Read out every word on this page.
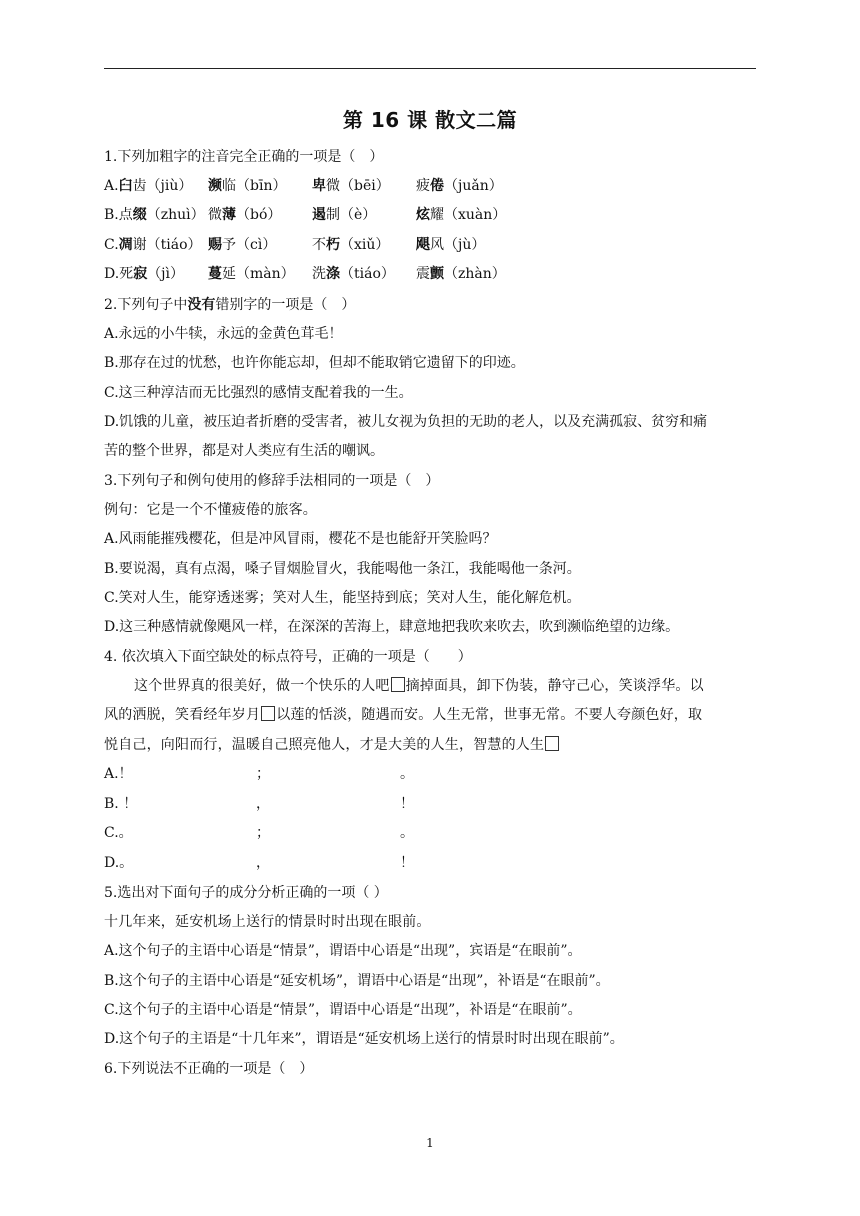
第 16 课 散文二篇
1.下列加粗字的注音完全正确的一项是（　）
A.臼齿（jiù） 濒临（bīn） 卑微（bēi） 疲倦（juǎn）
B.点缀（zhuì） 微薄（bó） 遏制（è）	炫耀（xuàn）
C.凋谢（tiáo） 赐予（cì）	不朽（xiǔ） 飓风（jù）
D.死寂（jì） 蔓延（màn） 洗涤（tiáo） 震颤（zhàn）
2.下列句子中没有错别字的一项是（　）
A.永远的小牛犊，永远的金黄色茸毛！
B.那存在过的忧愁，也许你能忘却，但却不能取销它遗留下的印迹。
C.这三种淳洁而无比强烈的感情支配着我的一生。
D.饥饿的儿童，被压迫者折磨的受害者，被儿女视为负担的无助的老人，以及充满孤寂、贫穷和痛
苦的整个世界，都是对人类应有生活的嘲讽。
3.下列句子和例句使用的修辞手法相同的一项是（　）
例句：它是一个不懂疲倦的旅客。
A.风雨能摧残樱花，但是冲风冒雨，樱花不是也能舒开笑脸吗？
B.要说渴，真有点渴，嗓子冒烟脸冒火，我能喝他一条江，我能喝他一条河。
C.笑对人生，能穿透迷雾；笑对人生，能坚持到底；笑对人生，能化解危机。
D.这三种感情就像飓风一样，在深深的苦海上，肆意地把我吹来吹去，吹到濒临绝望的边缘。
4. 依次填入下面空缺处的标点符号，正确的一项是（　　）
这个世界真的很美好，做一个快乐的人吧 摘掉面具，卸下伪装，静守己心，笑谈浮华。以
风的洒脱，笑看经年岁月 以莲的恬淡，随遇而安。人生无常，世事无常。不要人夸颜色好，取
悦自己，向阳而行，温暖自己照亮他人，才是大美的人生，智慧的人生
A.！	；	。
B. ！	，	！
C.。	；	。
D.。	，	！
5.选出对下面句子的成分分析正确的一项（ ）
十几年来，延安机场上送行的情景时时出现在眼前。
A.这个句子的主语中心语是“情景”，谓语中心语是“出现”，宾语是“在眼前”。
B.这个句子的主语中心语是“延安机场”，谓语中心语是“出现”，补语是“在眼前”。
C.这个句子的主语中心语是“情景”，谓语中心语是“出现”，补语是“在眼前”。
D.这个句子的主语是“十几年来”，谓语是“延安机场上送行的情景时时出现在眼前”。
6.下列说法不正确的一项是（　）
1
